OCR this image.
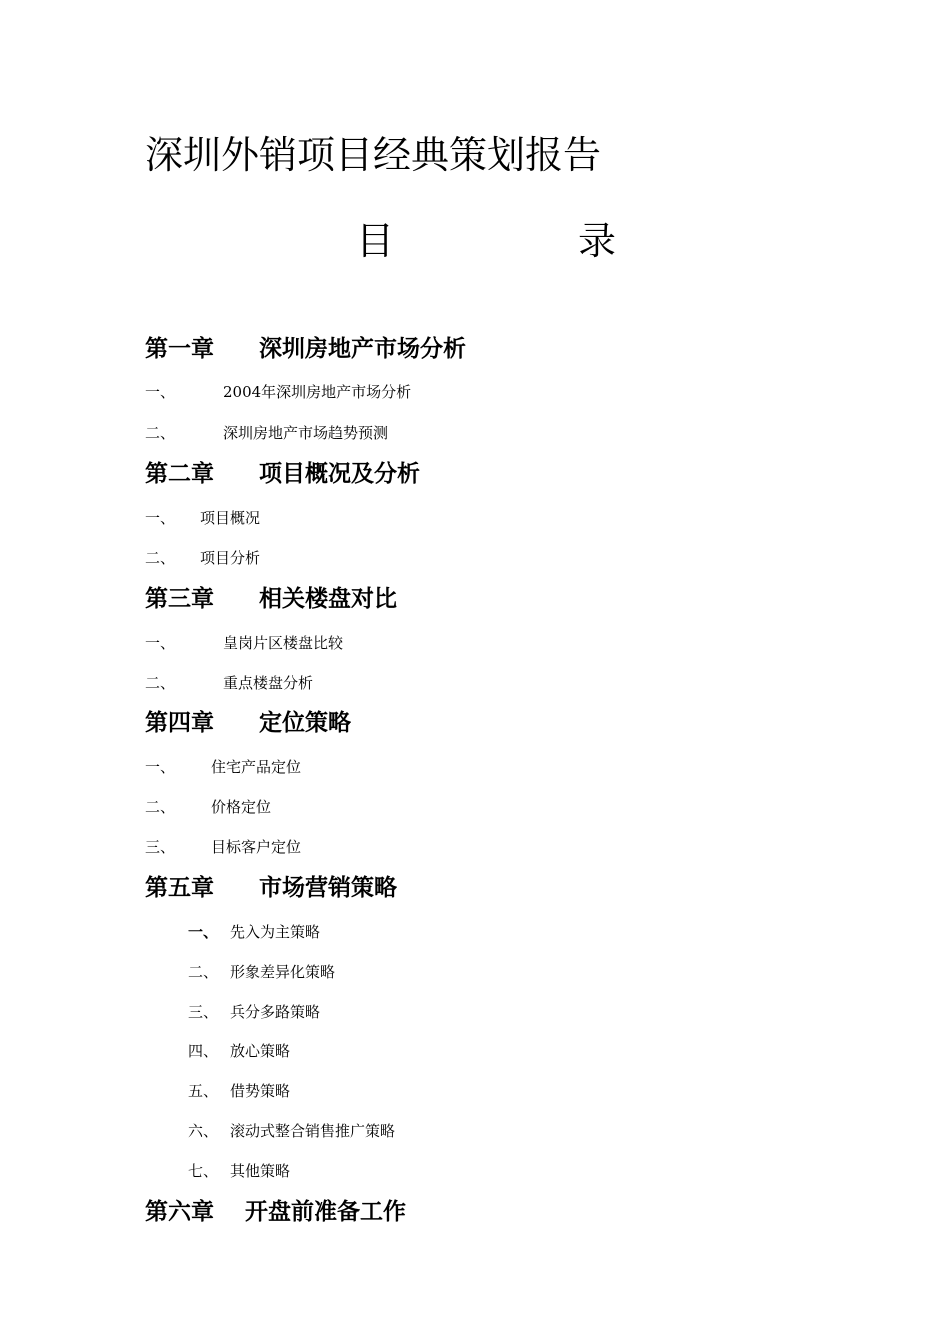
深圳外销项目经典策划报告
目	录
第一章 深圳房地产市场分析
一、	2004年深圳房地产市场分析
二、	深圳房地产市场趋势预测
第二章 项目概况及分析
一、 项目概况
二、 项目分析
第三章 相关楼盘对比
一、	皇岗片区楼盘比较
二、	重点楼盘分析
第四章 定位策略
一、 住宅产品定位
二、 价格定位
三、 目标客户定位
第五章 市场营销策略
一、 先入为主策略
二、 形象差异化策略
三、 兵分多路策略
四、 放心策略
五、 借势策略
六、 滚动式整合销售推广策略
七、 其他策略
第六章 开盘前准备工作
